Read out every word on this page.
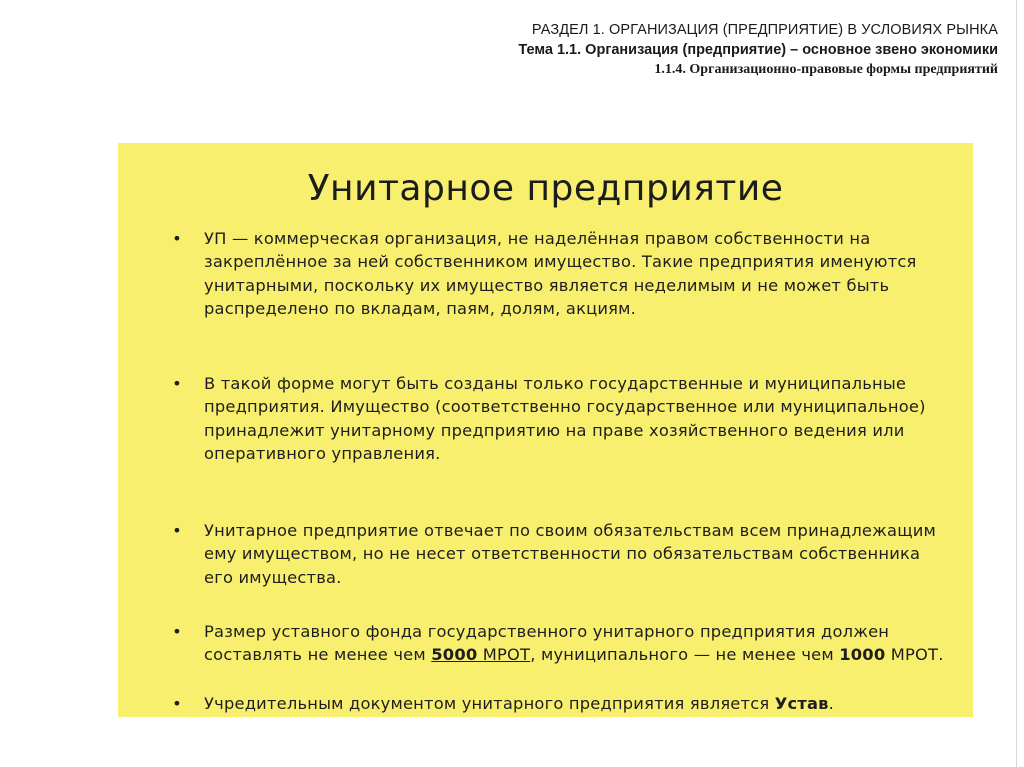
РАЗДЕЛ 1. ОРГАНИЗАЦИЯ (ПРЕДПРИЯТИЕ) В УСЛОВИЯХ РЫНКА
Тема 1.1. Организация (предприятие) – основное звено экономики
1.1.4. Организационно-правовые формы предприятий
Унитарное предприятие
• УП — коммерческая организация, не наделённая правом собственности на закреплённое за ней собственником имущество. Такие предприятия именуются унитарными, поскольку их имущество является неделимым и не может быть распределено по вкладам, паям, долям, акциям.
• В такой форме могут быть созданы только государственные и муниципальные предприятия. Имущество (соответственно государственное или муниципальное) принадлежит унитарному предприятию на праве хозяйственного ведения или оперативного управления.
• Унитарное предприятие отвечает по своим обязательствам всем принадлежащим ему имуществом, но не несет ответственности по обязательствам собственника его имущества.
• Размер уставного фонда государственного унитарного предприятия должен составлять не менее чем 5000 МРОТ, муниципального — не менее чем 1000 МРОТ.
• Учредительным документом унитарного предприятия является Устав.
